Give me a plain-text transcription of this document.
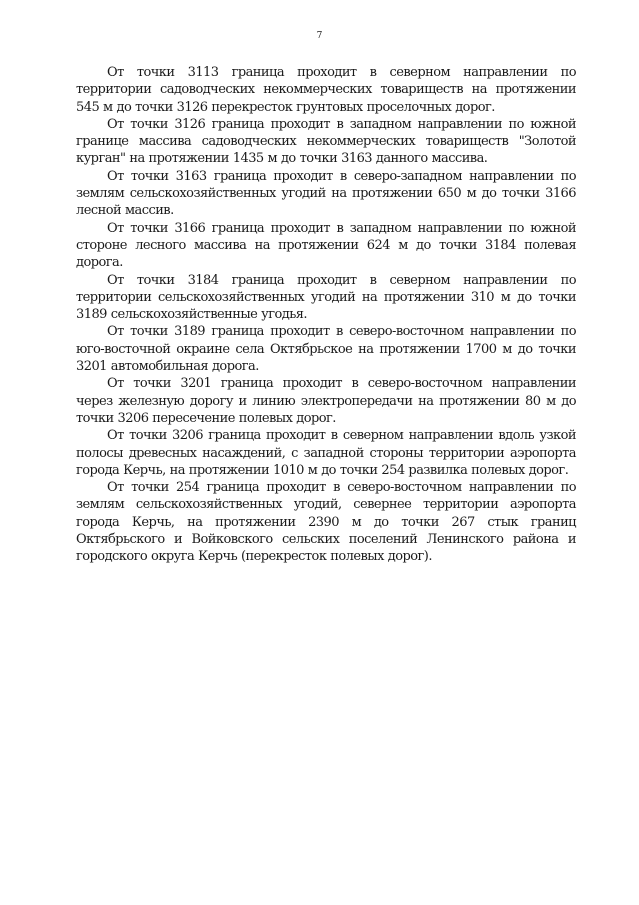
7

От точки 3113 граница проходит в северном направлении по территории садоводческих некоммерческих товариществ на протяжении 545 м до точки 3126 перекресток грунтовых проселочных дорог.

От точки 3126 граница проходит в западном направлении по южной границе массива садоводческих некоммерческих товариществ "Золотой курган" на протяжении 1435 м до точки 3163 данного массива.

От точки 3163 граница проходит в северо-западном направлении по землям сельскохозяйственных угодий на протяжении 650 м до точки 3166 лесной массив.

От точки 3166 граница проходит в западном направлении по южной стороне лесного массива на протяжении 624 м до точки 3184 полевая дорога.

От точки 3184 граница проходит в северном направлении по территории сельскохозяйственных угодий на протяжении 310 м до точки 3189 сельскохозяйственные угодья.

От точки 3189 граница проходит в северо-восточном направлении по юго-восточной окраине села Октябрьское на протяжении 1700 м до точки 3201 автомобильная дорога.

От точки 3201 граница проходит в северо-восточном направлении через железную дорогу и линию электропередачи на протяжении 80 м до точки 3206 пересечение полевых дорог.

От точки 3206 граница проходит в северном направлении вдоль узкой полосы древесных насаждений, с западной стороны территории аэропорта города Керчь, на протяжении 1010 м до точки 254 развилка полевых дорог.

От точки 254 граница проходит в северо-восточном направлении по землям сельскохозяйственных угодий, севернее территории аэропорта города Керчь, на протяжении 2390 м до точки 267 стык границ Октябрьского и Войковского сельских поселений Ленинского района и городского округа Керчь (перекресток полевых дорог).
